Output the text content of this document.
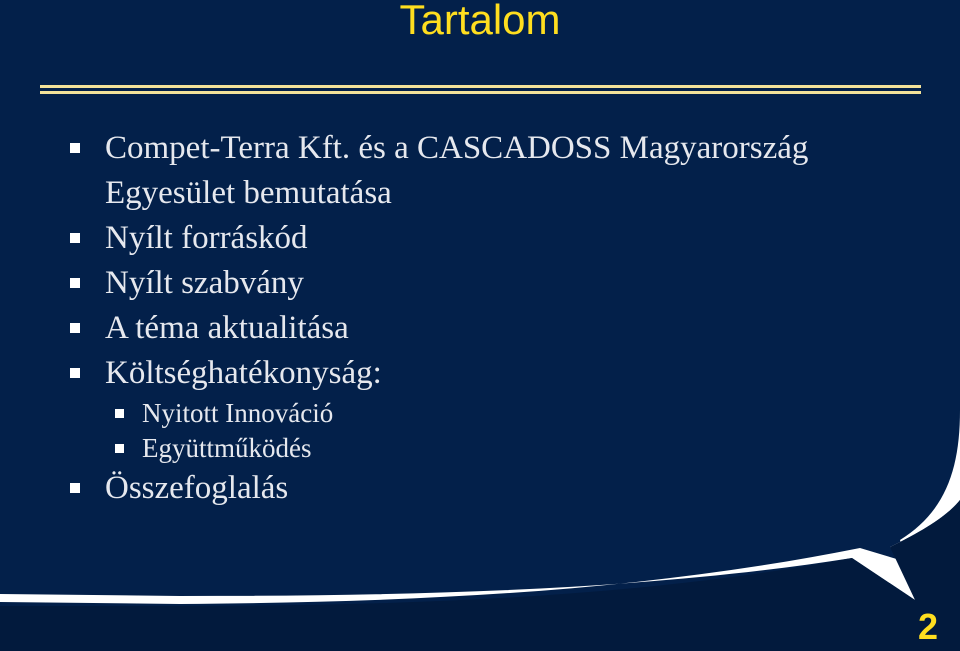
Tartalom
Compet-Terra Kft. és a CASCADOSS Magyarország Egyesület bemutatása
Nyílt forráskód
Nyílt szabvány
A téma aktualitása
Költséghatékonyság:
Nyitott Innováció
Együttműködés
Összefoglalás
2
